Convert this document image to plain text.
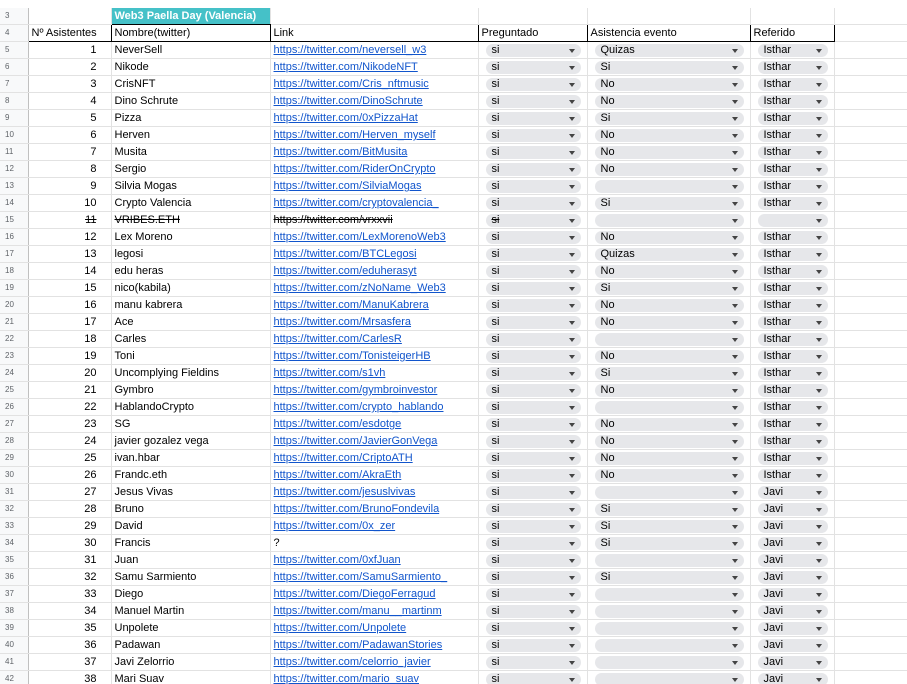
3		Web3 Paella Day (Valencia)					
4	Nº Asistentes	Nombre(twitter)	Link	Preguntado	Asistencia evento	Referido	
5	1	NeverSell	https://twitter.com/neversell_w3	si	Quizas	Isthar	

6	2	Nikode	https://twitter.com/NikodeNFT	si	Si	Isthar	

7	3	CrisNFT	https://twitter.com/Cris_nftmusic	si	No	Isthar	

8	4	Dino Schrute	https://twitter.com/DinoSchrute	si	No	Isthar	

9	5	Pizza	https://twitter.com/0xPizzaHat	si	Si	Isthar	

10	6	Herven	https://twitter.com/Herven_myself	si	No	Isthar	

11	7	Musita	https://twitter.com/BitMusita	si	No	Isthar	

12	8	Sergio	https://twitter.com/RiderOnCrypto	si	No	Isthar	

13	9	Silvia Mogas	https://twitter.com/SilviaMogas	si		Isthar	

14	10	Crypto Valencia	https://twitter.com/cryptovalencia_	si	Si	Isthar	

15	11	VRIBES.ETH	https://twitter.com/vrxxvii	si			

16	12	Lex Moreno	https://twitter.com/LexMorenoWeb3	si	No	Isthar	

17	13	legosi	https://twitter.com/BTCLegosi	si	Quizas	Isthar	

18	14	edu heras	https://twitter.com/eduherasyt	si	No	Isthar	

19	15	nico(kabila)	https://twitter.com/zNoName_Web3	si	Si	Isthar	

20	16	manu kabrera	https://twitter.com/ManuKabrera	si	No	Isthar	

21	17	Ace	https://twitter.com/Mrsasfera	si	No	Isthar	

22	18	Carles	https://twitter.com/CarlesR	si		Isthar	

23	19	Toni	https://twitter.com/TonisteigerHB	si	No	Isthar	

24	20	Uncomplying Fieldins	https://twitter.com/s1vh	si	Si	Isthar	

25	21	Gymbro	https://twitter.com/gymbroinvestor	si	No	Isthar	

26	22	HablandoCrypto	https://twitter.com/crypto_hablando	si		Isthar	

27	23	SG	https://twitter.com/esdotge	si	No	Isthar	

28	24	javier gozalez vega	https://twitter.com/JavierGonVega	si	No	Isthar	

29	25	ivan.hbar	https://twitter.com/CriptoATH	si	No	Isthar	

30	26	Frandc.eth	https://twitter.com/AkraEth	si	No	Isthar	

31	27	Jesus Vivas	https://twitter.com/jesuslvivas	si		Javi	

32	28	Bruno	https://twitter.com/BrunoFondevila	si	Si	Javi	

33	29	David	https://twitter.com/0x_zer	si	Si	Javi	

34	30	Francis	?	si	Si	Javi	

35	31	Juan	https://twitter.com/0xfJuan	si		Javi	

36	32	Samu Sarmiento	https://twitter.com/SamuSarmiento_	si	Si	Javi	

37	33	Diego	https://twitter.com/DiegoFerragud	si		Javi	

38	34	Manuel Martin	https://twitter.com/manu__martinm	si		Javi	

39	35	Unpolete	https://twitter.com/Unpolete	si		Javi	

40	36	Padawan	https://twitter.com/PadawanStories	si		Javi	

41	37	Javi Zelorrio	https://twitter.com/celorrio_javier	si		Javi	

42	38	Mari Suav	https://twitter.com/mario_suav	si		Javi	
